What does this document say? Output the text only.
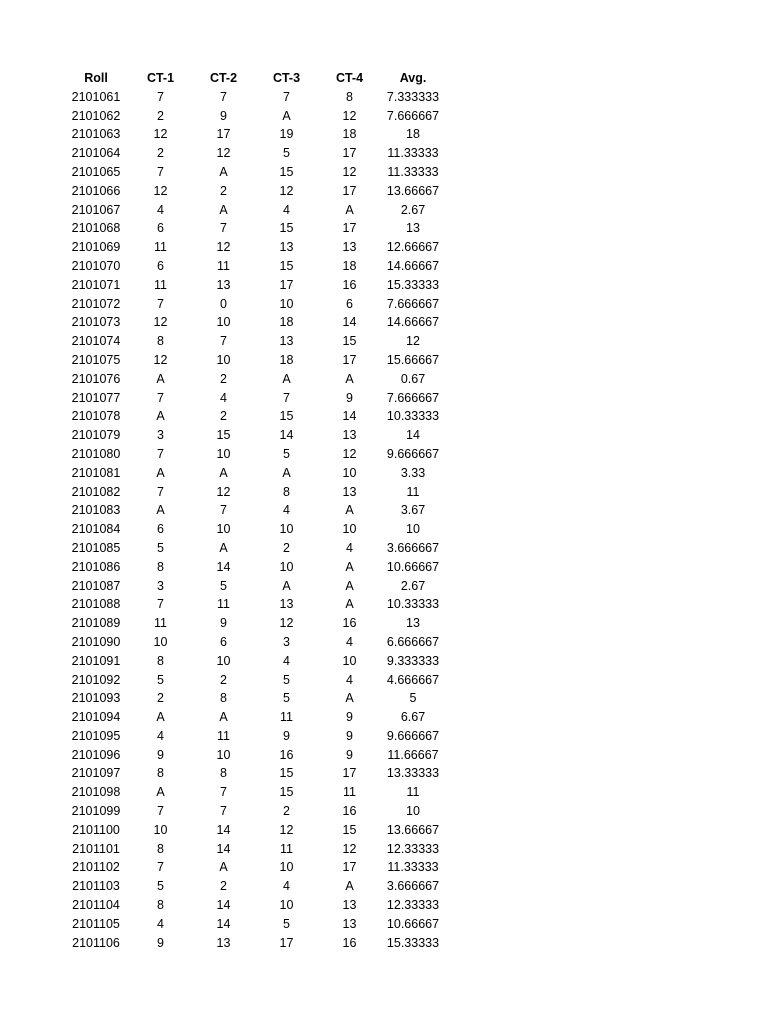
Roll	CT-1	CT-2	CT-3	CT-4	Avg.
2101061	7	7	7	8	7.333333
2101062	2	9	A	12	7.666667
2101063	12	17	19	18	18
2101064	2	12	5	17	11.33333
2101065	7	A	15	12	11.33333
2101066	12	2	12	17	13.66667
2101067	4	A	4	A	2.67
2101068	6	7	15	17	13
2101069	11	12	13	13	12.66667
2101070	6	11	15	18	14.66667
2101071	11	13	17	16	15.33333
2101072	7	0	10	6	7.666667
2101073	12	10	18	14	14.66667
2101074	8	7	13	15	12
2101075	12	10	18	17	15.66667
2101076	A	2	A	A	0.67
2101077	7	4	7	9	7.666667
2101078	A	2	15	14	10.33333
2101079	3	15	14	13	14
2101080	7	10	5	12	9.666667
2101081	A	A	A	10	3.33
2101082	7	12	8	13	11
2101083	A	7	4	A	3.67
2101084	6	10	10	10	10
2101085	5	A	2	4	3.666667
2101086	8	14	10	A	10.66667
2101087	3	5	A	A	2.67
2101088	7	11	13	A	10.33333
2101089	11	9	12	16	13
2101090	10	6	3	4	6.666667
2101091	8	10	4	10	9.333333
2101092	5	2	5	4	4.666667
2101093	2	8	5	A	5
2101094	A	A	11	9	6.67
2101095	4	11	9	9	9.666667
2101096	9	10	16	9	11.66667
2101097	8	8	15	17	13.33333
2101098	A	7	15	11	11
2101099	7	7	2	16	10
2101100	10	14	12	15	13.66667
2101101	8	14	11	12	12.33333
2101102	7	A	10	17	11.33333
2101103	5	2	4	A	3.666667
2101104	8	14	10	13	12.33333
2101105	4	14	5	13	10.66667
2101106	9	13	17	16	15.33333
